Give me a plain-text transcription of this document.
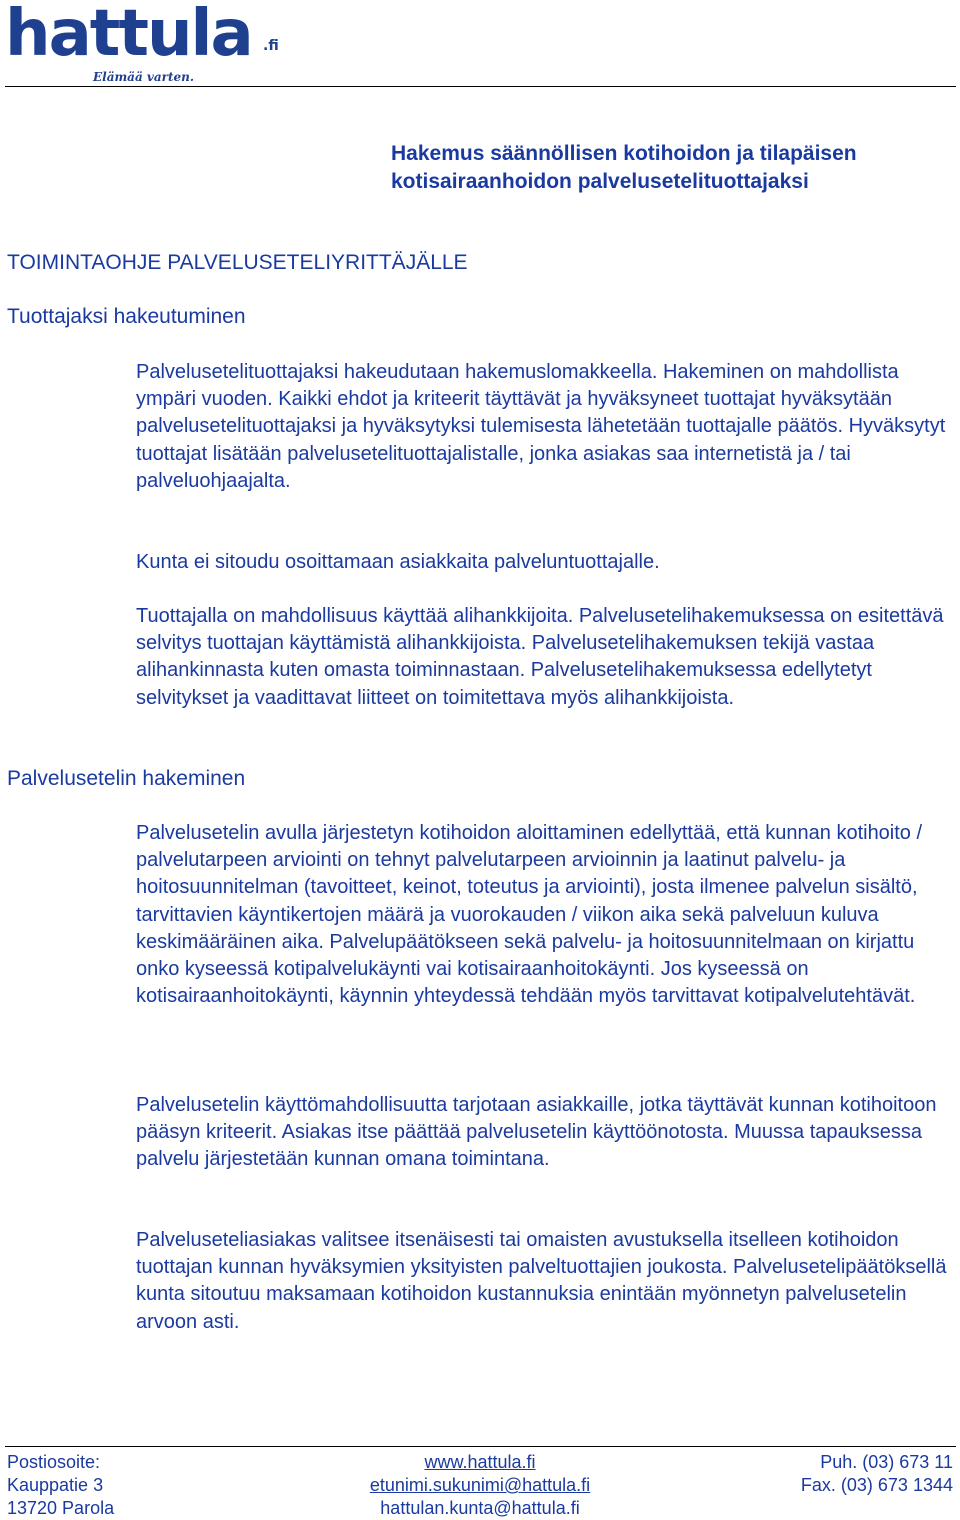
hattula .fi
Elämää varten.
Hakemus säännöllisen kotihoidon ja tilapäisen
kotisairaanhoidon palvelusetelituottajaksi
TOIMINTAOHJE PALVELUSETELIYRITTÄJÄLLE
Tuottajaksi hakeutuminen

Palvelusetelituottajaksi hakeudutaan hakemuslomakkeella. Hakeminen on mahdollista ympäri vuoden. Kaikki ehdot ja kriteerit täyttävät ja hyväksyneet tuottajat hyväksytään palvelusetelituottajaksi ja hyväksytyksi tulemisesta lähetetään tuottajalle päätös. Hyväksytyt tuottajat lisätään palvelusetelituottajalistalle, jonka asiakas saa internetistä ja / tai palveluohjaajalta.

Kunta ei sitoudu osoittamaan asiakkaita palveluntuottajalle.

Tuottajalla on mahdollisuus käyttää alihankkijoita. Palvelusetelihakemuksessa on esitettävä selvitys tuottajan käyttämistä alihankkijoista. Palvelusetelihakemuksen tekijä vastaa alihankinnasta kuten omasta toiminnastaan. Palvelusetelihakemuksessa edellytetyt selvitykset ja vaadittavat liitteet on toimitettava myös alihankkijoista.

Palvelusetelin hakeminen

Palvelusetelin avulla järjestetyn kotihoidon aloittaminen edellyttää, että kunnan kotihoito / palvelutarpeen arviointi on tehnyt palvelutarpeen arvioinnin ja laatinut palvelu- ja hoitosuunnitelman (tavoitteet, keinot, toteutus ja arviointi), josta ilmenee palvelun sisältö, tarvittavien käyntikertojen määrä ja vuorokauden / viikon aika sekä palveluun kuluva keskimääräinen aika. Palvelupäätökseen sekä palvelu- ja hoitosuunnitelmaan on kirjattu onko kyseessä kotipalvelukäynti vai kotisairaanhoitokäynti. Jos kyseessä on kotisairaanhoitokäynti, käynnin yhteydessä tehdään myös tarvittavat kotipalvelutehtävät.

Palvelusetelin käyttömahdollisuutta tarjotaan asiakkaille, jotka täyttävät kunnan kotihoitoon pääsyn kriteerit. Asiakas itse päättää palvelusetelin käyttöönotosta. Muussa tapauksessa palvelu järjestetään kunnan omana toimintana.

Palveluseteliasiakas valitsee itsenäisesti tai omaisten avustuksella itselleen kotihoidon tuottajan kunnan hyväksymien yksityisten palveltuottajien joukosta. Palvelusetelipäätöksellä kunta sitoutuu maksamaan kotihoidon kustannuksia enintään myönnetyn palvelusetelin arvoon asti.

Postiosoite:
Kauppatie 3
13720 Parola
www.hattula.fi
etunimi.sukunimi@hattula.fi
hattulan.kunta@hattula.fi
Puh. (03) 673 11
Fax. (03) 673 1344
